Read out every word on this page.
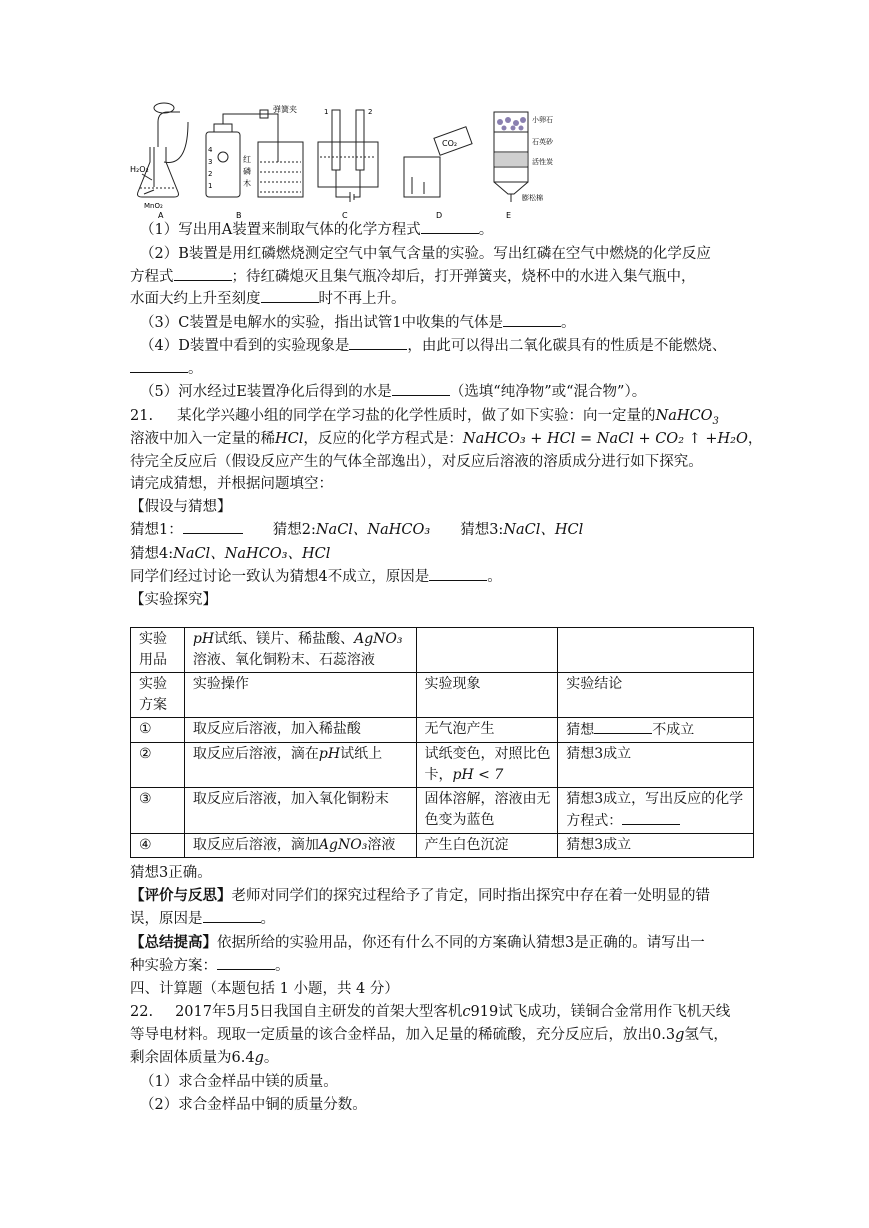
H₂O₂
MnO₂
A
4
3
2
1
弹簧夹
红
磷
木
B
1	2
C
CO₂
D
小卵石
石英砂
活性炭
膨松棉
E
（1）写出用A装置来制取气体的化学方程式	。
（2）B装置是用红磷燃烧测定空气中氧气含量的实验。写出红磷在空气中燃烧的化学反应
方程式	；待红磷熄灭且集气瓶冷却后，打开弹簧夹，烧杯中的水进入集气瓶中，
水面大约上升至刻度	时不再上升。
（3）C装置是电解水的实验，指出试管1中收集的气体是	。
（4）D装置中看到的实验现象是	，由此可以得出二氧化碳具有的性质是不能燃烧、
。
（5）河水经过E装置净化后得到的水是	（选填“纯净物”或“混合物”）。
21. 某化学兴趣小组的同学在学习盐的化学性质时，做了如下实验：向一定量的NaHCO$_3$
溶液中加入一定量的稀HCl，反应的化学方程式是：NaHCO₃ + HCl = NaCl + CO₂ ↑ +H₂O，
待完全反应后（假设反应产生的气体全部逸出），对反应后溶液的溶质成分进行如下探究。
请完成猜想，并根据问题填空：
【假设与猜想】
猜想1：	猜想2:NaCl、NaHCO₃ 猜想3:NaCl、HCl
猜想4:NaCl、NaHCO₃、HCl
同学们经过讨论一致认为猜想4不成立，原因是	。
【实验探究】
实验用品	pH试纸、镁片、稀盐酸、AgNO₃
溶液、氧化铜粉末、石蕊溶液		
实验方案	实验操作	实验现象	实验结论
①	取反应后溶液，加入稀盐酸	无气泡产生	猜想 不成立
②	取反应后溶液，滴在pH试纸上	试纸变色，对照比色卡，pH < 7	猜想3成立
③	取反应后溶液，加入氧化铜粉末	固体溶解，溶液由无色变为蓝色	猜想3成立，写出反应的化学方程式：
④	取反应后溶液，滴加AgNO₃溶液	产生白色沉淀	猜想3成立
猜想3正确。
【评价与反思】老师对同学们的探究过程给予了肯定，同时指出探究中存在着一处明显的错
误，原因是	。
【总结提高】依据所给的实验用品，你还有什么不同的方案确认猜想3是正确的。请写出一
种实验方案：	。
四、计算题（本题包括 1 小题，共 4 分）
22. 2017年5月5日我国自主研发的首架大型客机c919试飞成功，镁铜合金常用作飞机天线
等导电材料。现取一定质量的该合金样品，加入足量的稀硫酸，充分反应后，放出0.3g氢气，
剩余固体质量为6.4g。
（1）求合金样品中镁的质量。
（2）求合金样品中铜的质量分数。
